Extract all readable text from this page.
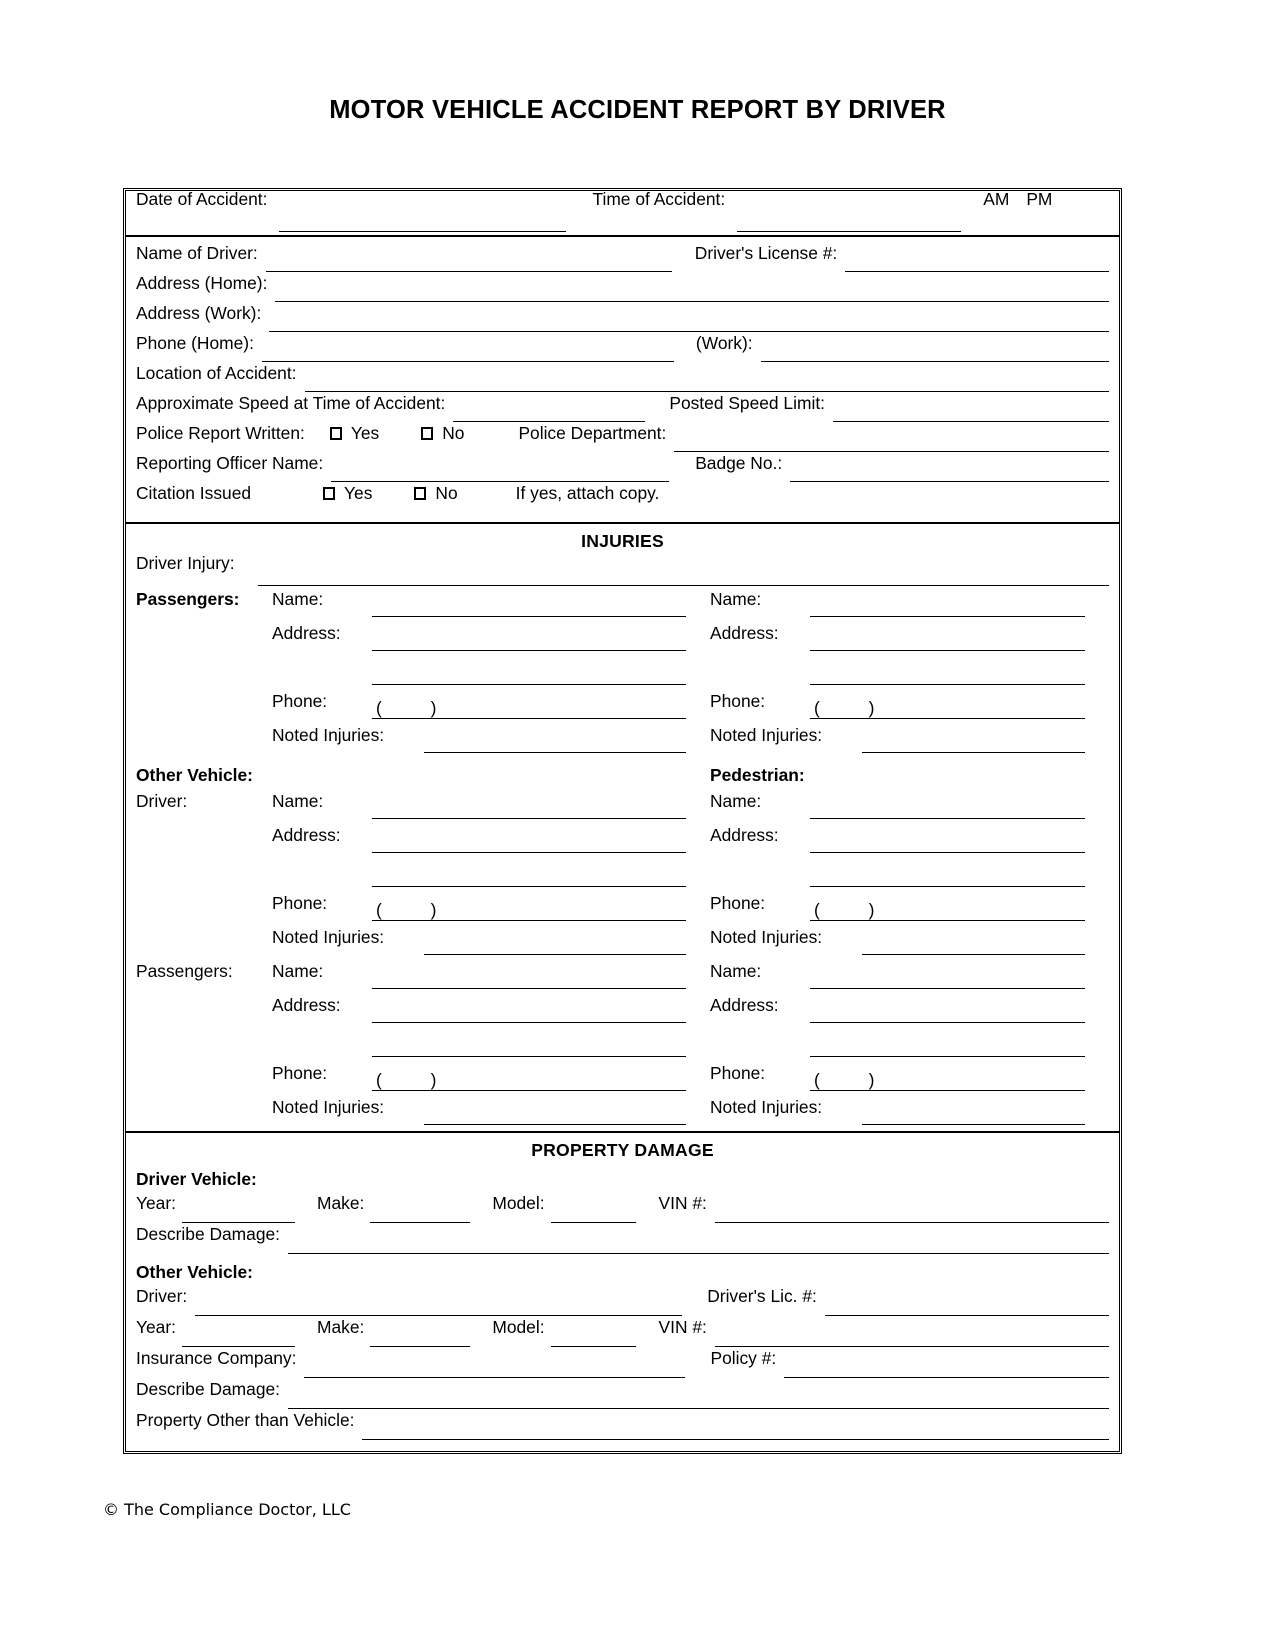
MOTOR VEHICLE ACCIDENT REPORT BY DRIVER
Date of Accident:	Time of Accident:	AM PM
Name of Driver:	Driver's License #:
Address (Home):
Address (Work):
Phone (Home):	(Work):
Location of Accident:
Approximate Speed at Time of Accident:	Posted Speed Limit:
Police Report Written:	Yes	No	Police Department:
Reporting Officer Name:	Badge No.:
Citation Issued	Yes	No	If yes, attach copy.
INJURIES
Driver Injury:
Passengers:	Name:
Address:
Phone:	( )
Noted Injuries:
Name:
Address:
Phone:	( )
Noted Injuries:
Other Vehicle:	Pedestrian:
Driver:	Name:
Address:
Phone:	( )
Noted Injuries:
Name:
Address:
Phone:	( )
Noted Injuries:
Passengers:	Name:
Address:
Phone:	( )
Noted Injuries:
Name:
Address:
Phone:	( )
Noted Injuries:
PROPERTY DAMAGE
Driver Vehicle:
Year:	Make:	Model:	VIN #:
Describe Damage:
Other Vehicle:
Driver:	Driver's Lic. #:
Year:	Make:	Model:	VIN #:
Insurance Company:	Policy #:
Describe Damage:
Property Other than Vehicle:
© The Compliance Doctor, LLC
